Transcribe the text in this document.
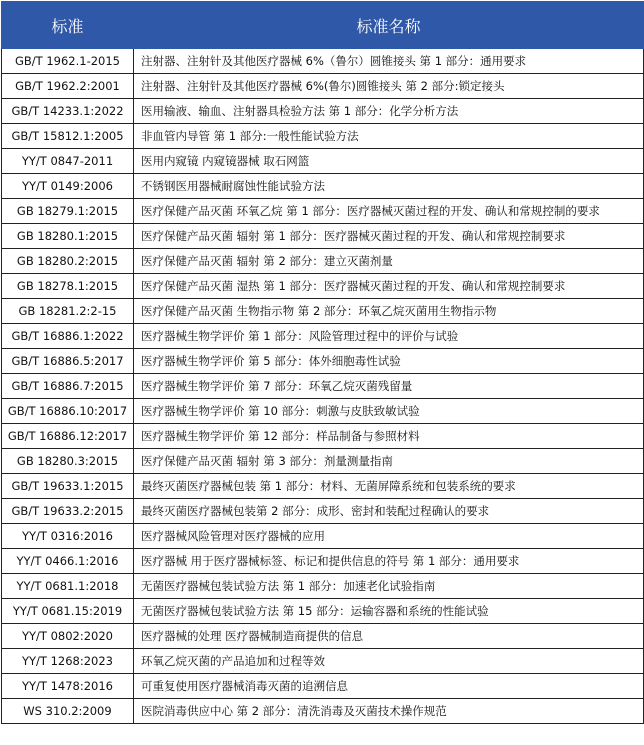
标准	标准名称
GB/T 1962.1-2015	注射器、注射针及其他医疗器械 6%（鲁尔）圆锥接头 第 1 部分：通用要求
GB/T 1962.2:2001	注射器、注射针及其他医疗器械 6%(鲁尔)圆锥接头 第 2 部分:锁定接头
GB/T 14233.1:2022	医用输液、输血、注射器具检验方法 第 1 部分：化学分析方法
GB/T 15812.1:2005	非血管内导管 第 1 部分:一般性能试验方法
YY/T 0847-2011	医用内窥镜 内窥镜器械 取石网篮
YY/T 0149:2006	不锈钢医用器械耐腐蚀性能试验方法
GB 18279.1:2015	医疗保健产品灭菌 环氧乙烷 第 1 部分：医疗器械灭菌过程的开发、确认和常规控制的要求
GB 18280.1:2015	医疗保健产品灭菌 辐射 第 1 部分：医疗器械灭菌过程的开发、确认和常规控制要求
GB 18280.2:2015	医疗保健产品灭菌 辐射 第 2 部分：建立灭菌剂量
GB 18278.1:2015	医疗保健产品灭菌 湿热 第 1 部分：医疗器械灭菌过程的开发、确认和常规控制要求
GB 18281.2:2-15	医疗保健产品灭菌 生物指示物 第 2 部分：环氧乙烷灭菌用生物指示物
GB/T 16886.1:2022	医疗器械生物学评价 第 1 部分：风险管理过程中的评价与试验
GB/T 16886.5:2017	医疗器械生物学评价 第 5 部分：体外细胞毒性试验
GB/T 16886.7:2015	医疗器械生物学评价 第 7 部分：环氧乙烷灭菌残留量
GB/T 16886.10:2017	医疗器械生物学评价 第 10 部分：刺激与皮肤致敏试验
GB/T 16886.12:2017	医疗器械生物学评价 第 12 部分：样品制备与参照材料
GB 18280.3:2015	医疗保健产品灭菌 辐射 第 3 部分：剂量测量指南
GB/T 19633.1:2015	最终灭菌医疗器械包装 第 1 部分：材料、无菌屏障系统和包装系统的要求
GB/T 19633.2:2015	最终灭菌医疗器械包装第 2 部分：成形、密封和装配过程确认的要求
YY/T 0316:2016	医疗器械风险管理对医疗器械的应用
YY/T 0466.1:2016	医疗器械 用于医疗器械标签、标记和提供信息的符号 第 1 部分：通用要求
YY/T 0681.1:2018	无菌医疗器械包装试验方法 第 1 部分：加速老化试验指南
YY/T 0681.15:2019	无菌医疗器械包装试验方法 第 15 部分：运输容器和系统的性能试验
YY/T 0802:2020	医疗器械的处理 医疗器械制造商提供的信息
YY/T 1268:2023	环氧乙烷灭菌的产品追加和过程等效
YY/T 1478:2016	可重复使用医疗器械消毒灭菌的追溯信息
WS 310.2:2009	医院消毒供应中心 第 2 部分：清洗消毒及灭菌技术操作规范
